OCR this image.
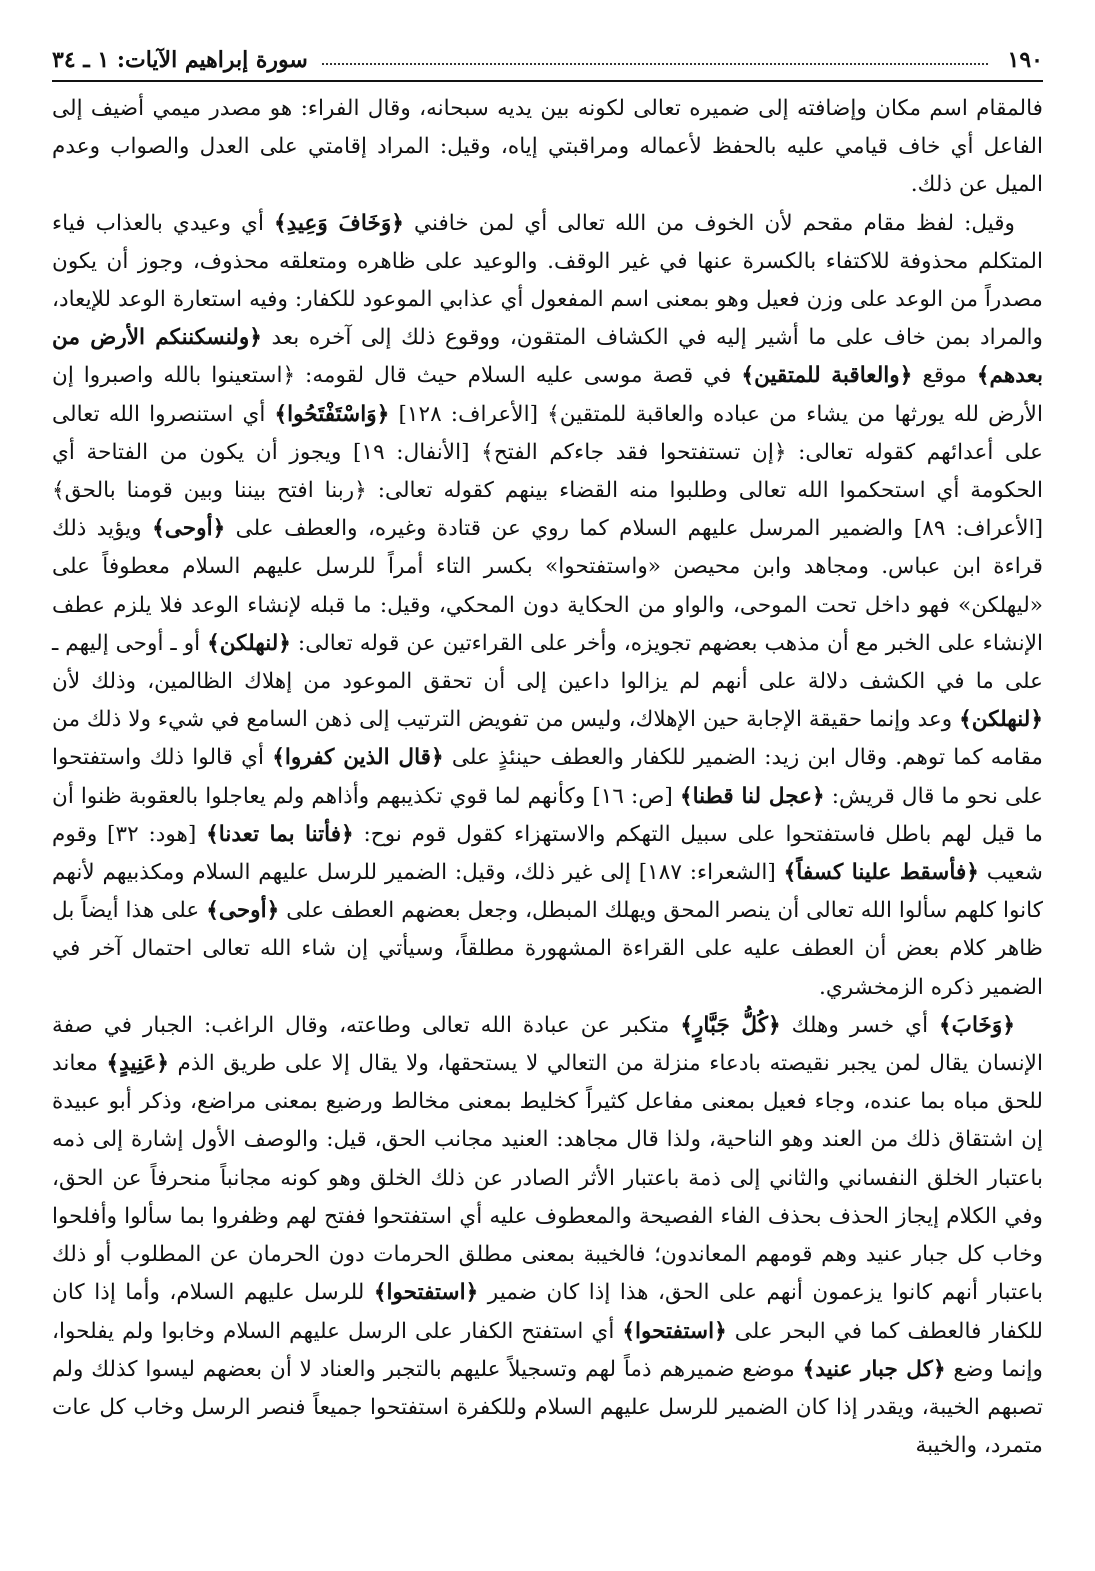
١٩٠
سورة إبراهيم الآيات: ١ ـ ٣٤

فالمقام اسم مكان وإضافته إلى ضميره تعالى لكونه بين يديه سبحانه، وقال الفراء: هو مصدر ميمي أضيف إلى الفاعل أي خاف قيامي عليه بالحفظ لأعماله ومراقبتي إياه، وقيل: المراد إقامتي على العدل والصواب وعدم الميل عن ذلك.

وقيل: لفظ مقام مقحم لأن الخوف من الله تعالى أي لمن خافني ﴿وَخَافَ وَعِيدِ﴾ أي وعيدي بالعذاب فياء المتكلم محذوفة للاكتفاء بالكسرة عنها في غير الوقف. والوعيد على ظاهره ومتعلقه محذوف، وجوز أن يكون مصدراً من الوعد على وزن فعيل وهو بمعنى اسم المفعول أي عذابي الموعود للكفار: وفيه استعارة الوعد للإيعاد، والمراد بمن خاف على ما أشير إليه في الكشاف المتقون، ووقوع ذلك إلى آخره بعد ﴿ولنسكننكم الأرض من بعدهم﴾ موقع ﴿والعاقبة للمتقين﴾ في قصة موسى عليه السلام حيث قال لقومه: ﴿استعينوا بالله واصبروا إن الأرض لله يورثها من يشاء من عباده والعاقبة للمتقين﴾ [الأعراف: ١٢٨] ﴿وَاسْتَفْتَحُوا﴾ أي استنصروا الله تعالى على أعدائهم كقوله تعالى: ﴿إن تستفتحوا فقد جاءكم الفتح﴾ [الأنفال: ١٩] ويجوز أن يكون من الفتاحة أي الحكومة أي استحكموا الله تعالى وطلبوا منه القضاء بينهم كقوله تعالى: ﴿ربنا افتح بيننا وبين قومنا بالحق﴾ [الأعراف: ٨٩] والضمير المرسل عليهم السلام كما روي عن قتادة وغيره، والعطف على ﴿أوحى﴾ ويؤيد ذلك قراءة ابن عباس. ومجاهد وابن محيصن «واستفتحوا» بكسر التاء أمراً للرسل عليهم السلام معطوفاً على «ليهلكن» فهو داخل تحت الموحى، والواو من الحكاية دون المحكي، وقيل: ما قبله لإنشاء الوعد فلا يلزم عطف الإنشاء على الخبر مع أن مذهب بعضهم تجويزه، وأخر على القراءتين عن قوله تعالى: ﴿لنهلكن﴾ أو ـ أوحى إليهم ـ على ما في الكشف دلالة على أنهم لم يزالوا داعين إلى أن تحقق الموعود من إهلاك الظالمين، وذلك لأن ﴿لنهلكن﴾ وعد وإنما حقيقة الإجابة حين الإهلاك، وليس من تفويض الترتيب إلى ذهن السامع في شيء ولا ذلك من مقامه كما توهم. وقال ابن زيد: الضمير للكفار والعطف حينئذٍ على ﴿قال الذين كفروا﴾ أي قالوا ذلك واستفتحوا على نحو ما قال قريش: ﴿عجل لنا قطنا﴾ [ص: ١٦] وكأنهم لما قوي تكذيبهم وأذاهم ولم يعاجلوا بالعقوبة ظنوا أن ما قيل لهم باطل فاستفتحوا على سبيل التهكم والاستهزاء كقول قوم نوح: ﴿فأتنا بما تعدنا﴾ [هود: ٣٢] وقوم شعيب ﴿فأسقط علينا كسفاً﴾ [الشعراء: ١٨٧] إلى غير ذلك، وقيل: الضمير للرسل عليهم السلام ومكذبيهم لأنهم كانوا كلهم سألوا الله تعالى أن ينصر المحق ويهلك المبطل، وجعل بعضهم العطف على ﴿أوحى﴾ على هذا أيضاً بل ظاهر كلام بعض أن العطف عليه على القراءة المشهورة مطلقاً، وسيأتي إن شاء الله تعالى احتمال آخر في الضمير ذكره الزمخشري.

﴿وَخَابَ﴾ أي خسر وهلك ﴿كُلُّ جَبَّارٍ﴾ متكبر عن عبادة الله تعالى وطاعته، وقال الراغب: الجبار في صفة الإنسان يقال لمن يجبر نقيصته بادعاء منزلة من التعالي لا يستحقها، ولا يقال إلا على طريق الذم ﴿عَنِيدٍ﴾ معاند للحق مباه بما عنده، وجاء فعيل بمعنى مفاعل كثيراً كخليط بمعنى مخالط ورضيع بمعنى مراضع، وذكر أبو عبيدة إن اشتقاق ذلك من العند وهو الناحية، ولذا قال مجاهد: العنيد مجانب الحق، قيل: والوصف الأول إشارة إلى ذمه باعتبار الخلق النفساني والثاني إلى ذمة باعتبار الأثر الصادر عن ذلك الخلق وهو كونه مجانباً منحرفاً عن الحق، وفي الكلام إيجاز الحذف بحذف الفاء الفصيحة والمعطوف عليه أي استفتحوا ففتح لهم وظفروا بما سألوا وأفلحوا وخاب كل جبار عنيد وهم قومهم المعاندون؛ فالخيبة بمعنى مطلق الحرمات دون الحرمان عن المطلوب أو ذلك باعتبار أنهم كانوا يزعمون أنهم على الحق، هذا إذا كان ضمير ﴿استفتحوا﴾ للرسل عليهم السلام، وأما إذا كان للكفار فالعطف كما في البحر على ﴿استفتحوا﴾ أي استفتح الكفار على الرسل عليهم السلام وخابوا ولم يفلحوا، وإنما وضع ﴿كل جبار عنيد﴾ موضع ضميرهم ذماً لهم وتسجيلاً عليهم بالتجبر والعناد لا أن بعضهم ليسوا كذلك ولم تصبهم الخيبة، ويقدر إذا كان الضمير للرسل عليهم السلام وللكفرة استفتحوا جميعاً فنصر الرسل وخاب كل عات متمرد، والخيبة
